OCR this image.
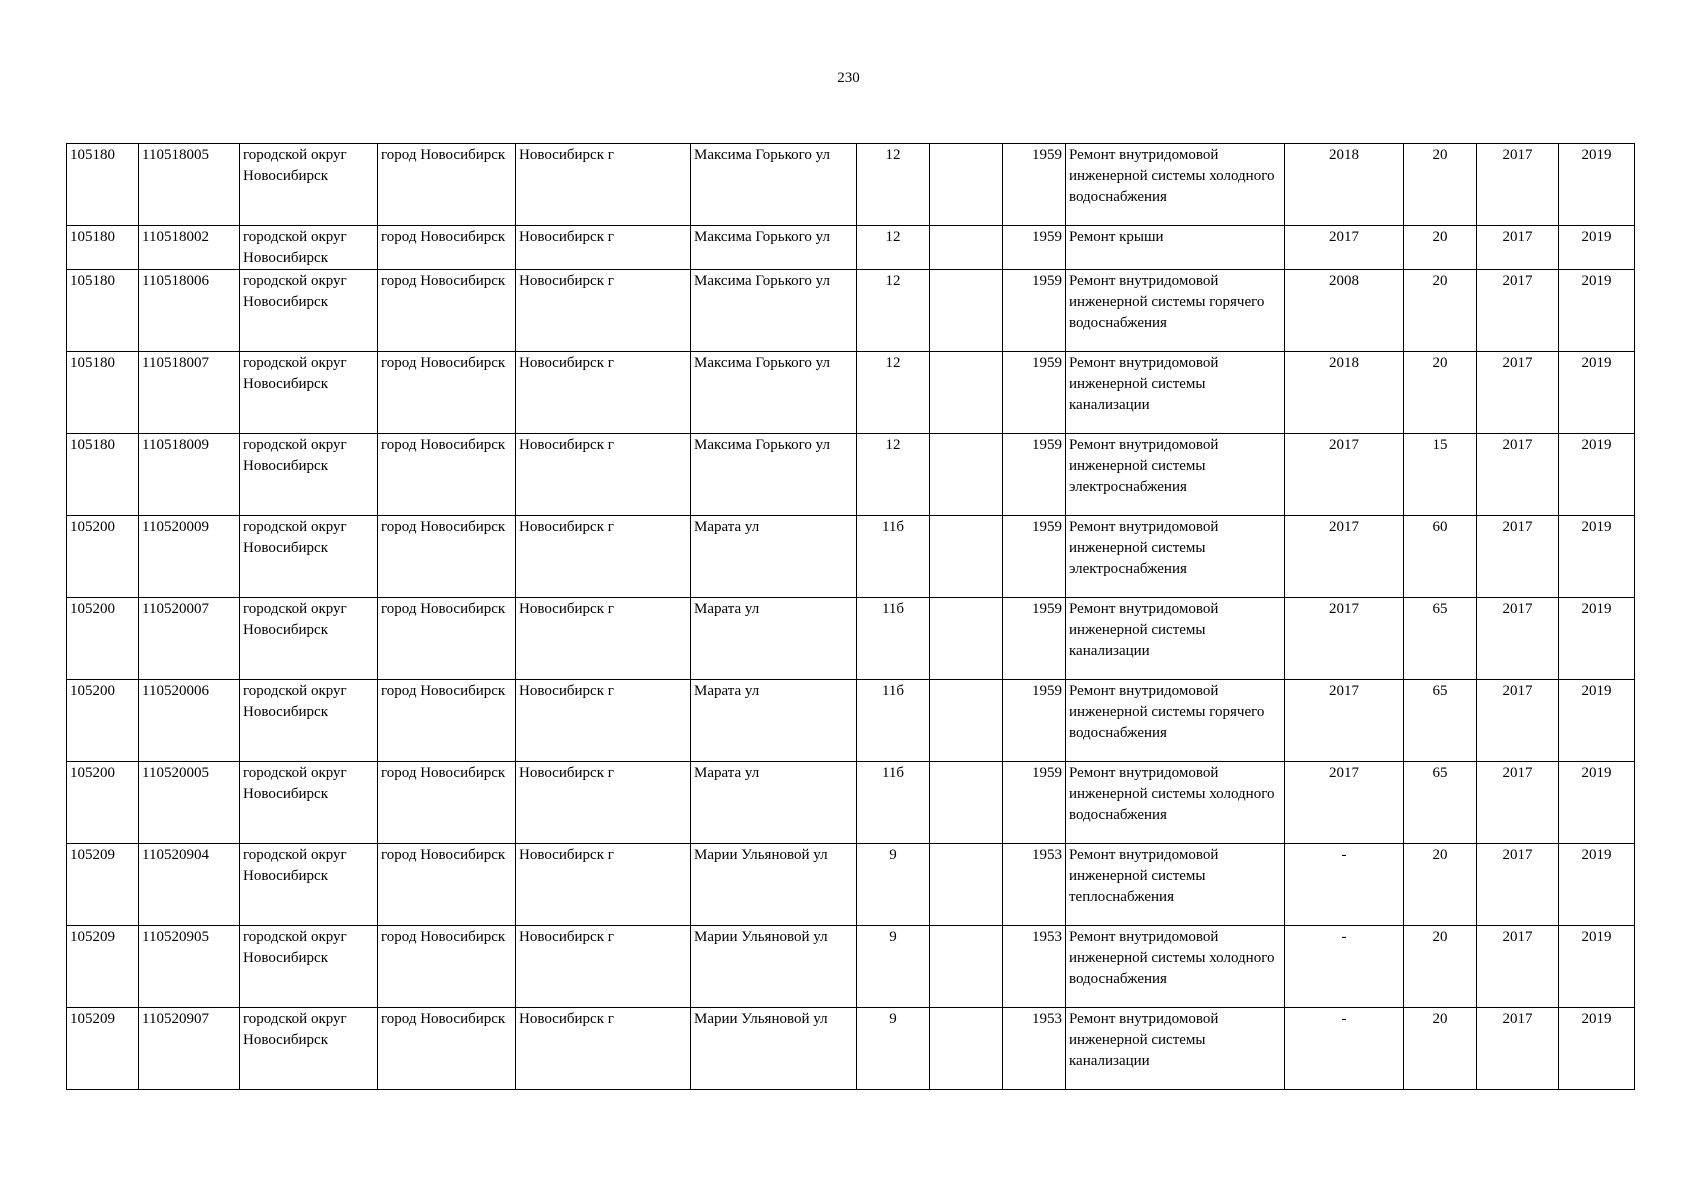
230
105180	110518005	городской округ Новосибирск	город Новосибирск	Новосибирск г	Максима Горького ул	12		1959	Ремонт внутридомовой инженерной системы холодного водоснабжения	2018	20	2017	2019
105180	110518002	городской округ Новосибирск	город Новосибирск	Новосибирск г	Максима Горького ул	12		1959	Ремонт крыши	2017	20	2017	2019
105180	110518006	городской округ Новосибирск	город Новосибирск	Новосибирск г	Максима Горького ул	12		1959	Ремонт внутридомовой инженерной системы горячего водоснабжения	2008	20	2017	2019
105180	110518007	городской округ Новосибирск	город Новосибирск	Новосибирск г	Максима Горького ул	12		1959	Ремонт внутридомовой инженерной системы канализации	2018	20	2017	2019
105180	110518009	городской округ Новосибирск	город Новосибирск	Новосибирск г	Максима Горького ул	12		1959	Ремонт внутридомовой инженерной системы электроснабжения	2017	15	2017	2019
105200	110520009	городской округ Новосибирск	город Новосибирск	Новосибирск г	Марата ул	11б		1959	Ремонт внутридомовой инженерной системы электроснабжения	2017	60	2017	2019
105200	110520007	городской округ Новосибирск	город Новосибирск	Новосибирск г	Марата ул	11б		1959	Ремонт внутридомовой инженерной системы канализации	2017	65	2017	2019
105200	110520006	городской округ Новосибирск	город Новосибирск	Новосибирск г	Марата ул	11б		1959	Ремонт внутридомовой инженерной системы горячего водоснабжения	2017	65	2017	2019
105200	110520005	городской округ Новосибирск	город Новосибирск	Новосибирск г	Марата ул	11б		1959	Ремонт внутридомовой инженерной системы холодного водоснабжения	2017	65	2017	2019
105209	110520904	городской округ Новосибирск	город Новосибирск	Новосибирск г	Марии Ульяновой ул	9		1953	Ремонт внутридомовой инженерной системы теплоснабжения	-	20	2017	2019
105209	110520905	городской округ Новосибирск	город Новосибирск	Новосибирск г	Марии Ульяновой ул	9		1953	Ремонт внутридомовой инженерной системы холодного водоснабжения	-	20	2017	2019
105209	110520907	городской округ Новосибирск	город Новосибирск	Новосибирск г	Марии Ульяновой ул	9		1953	Ремонт внутридомовой инженерной системы канализации	-	20	2017	2019
